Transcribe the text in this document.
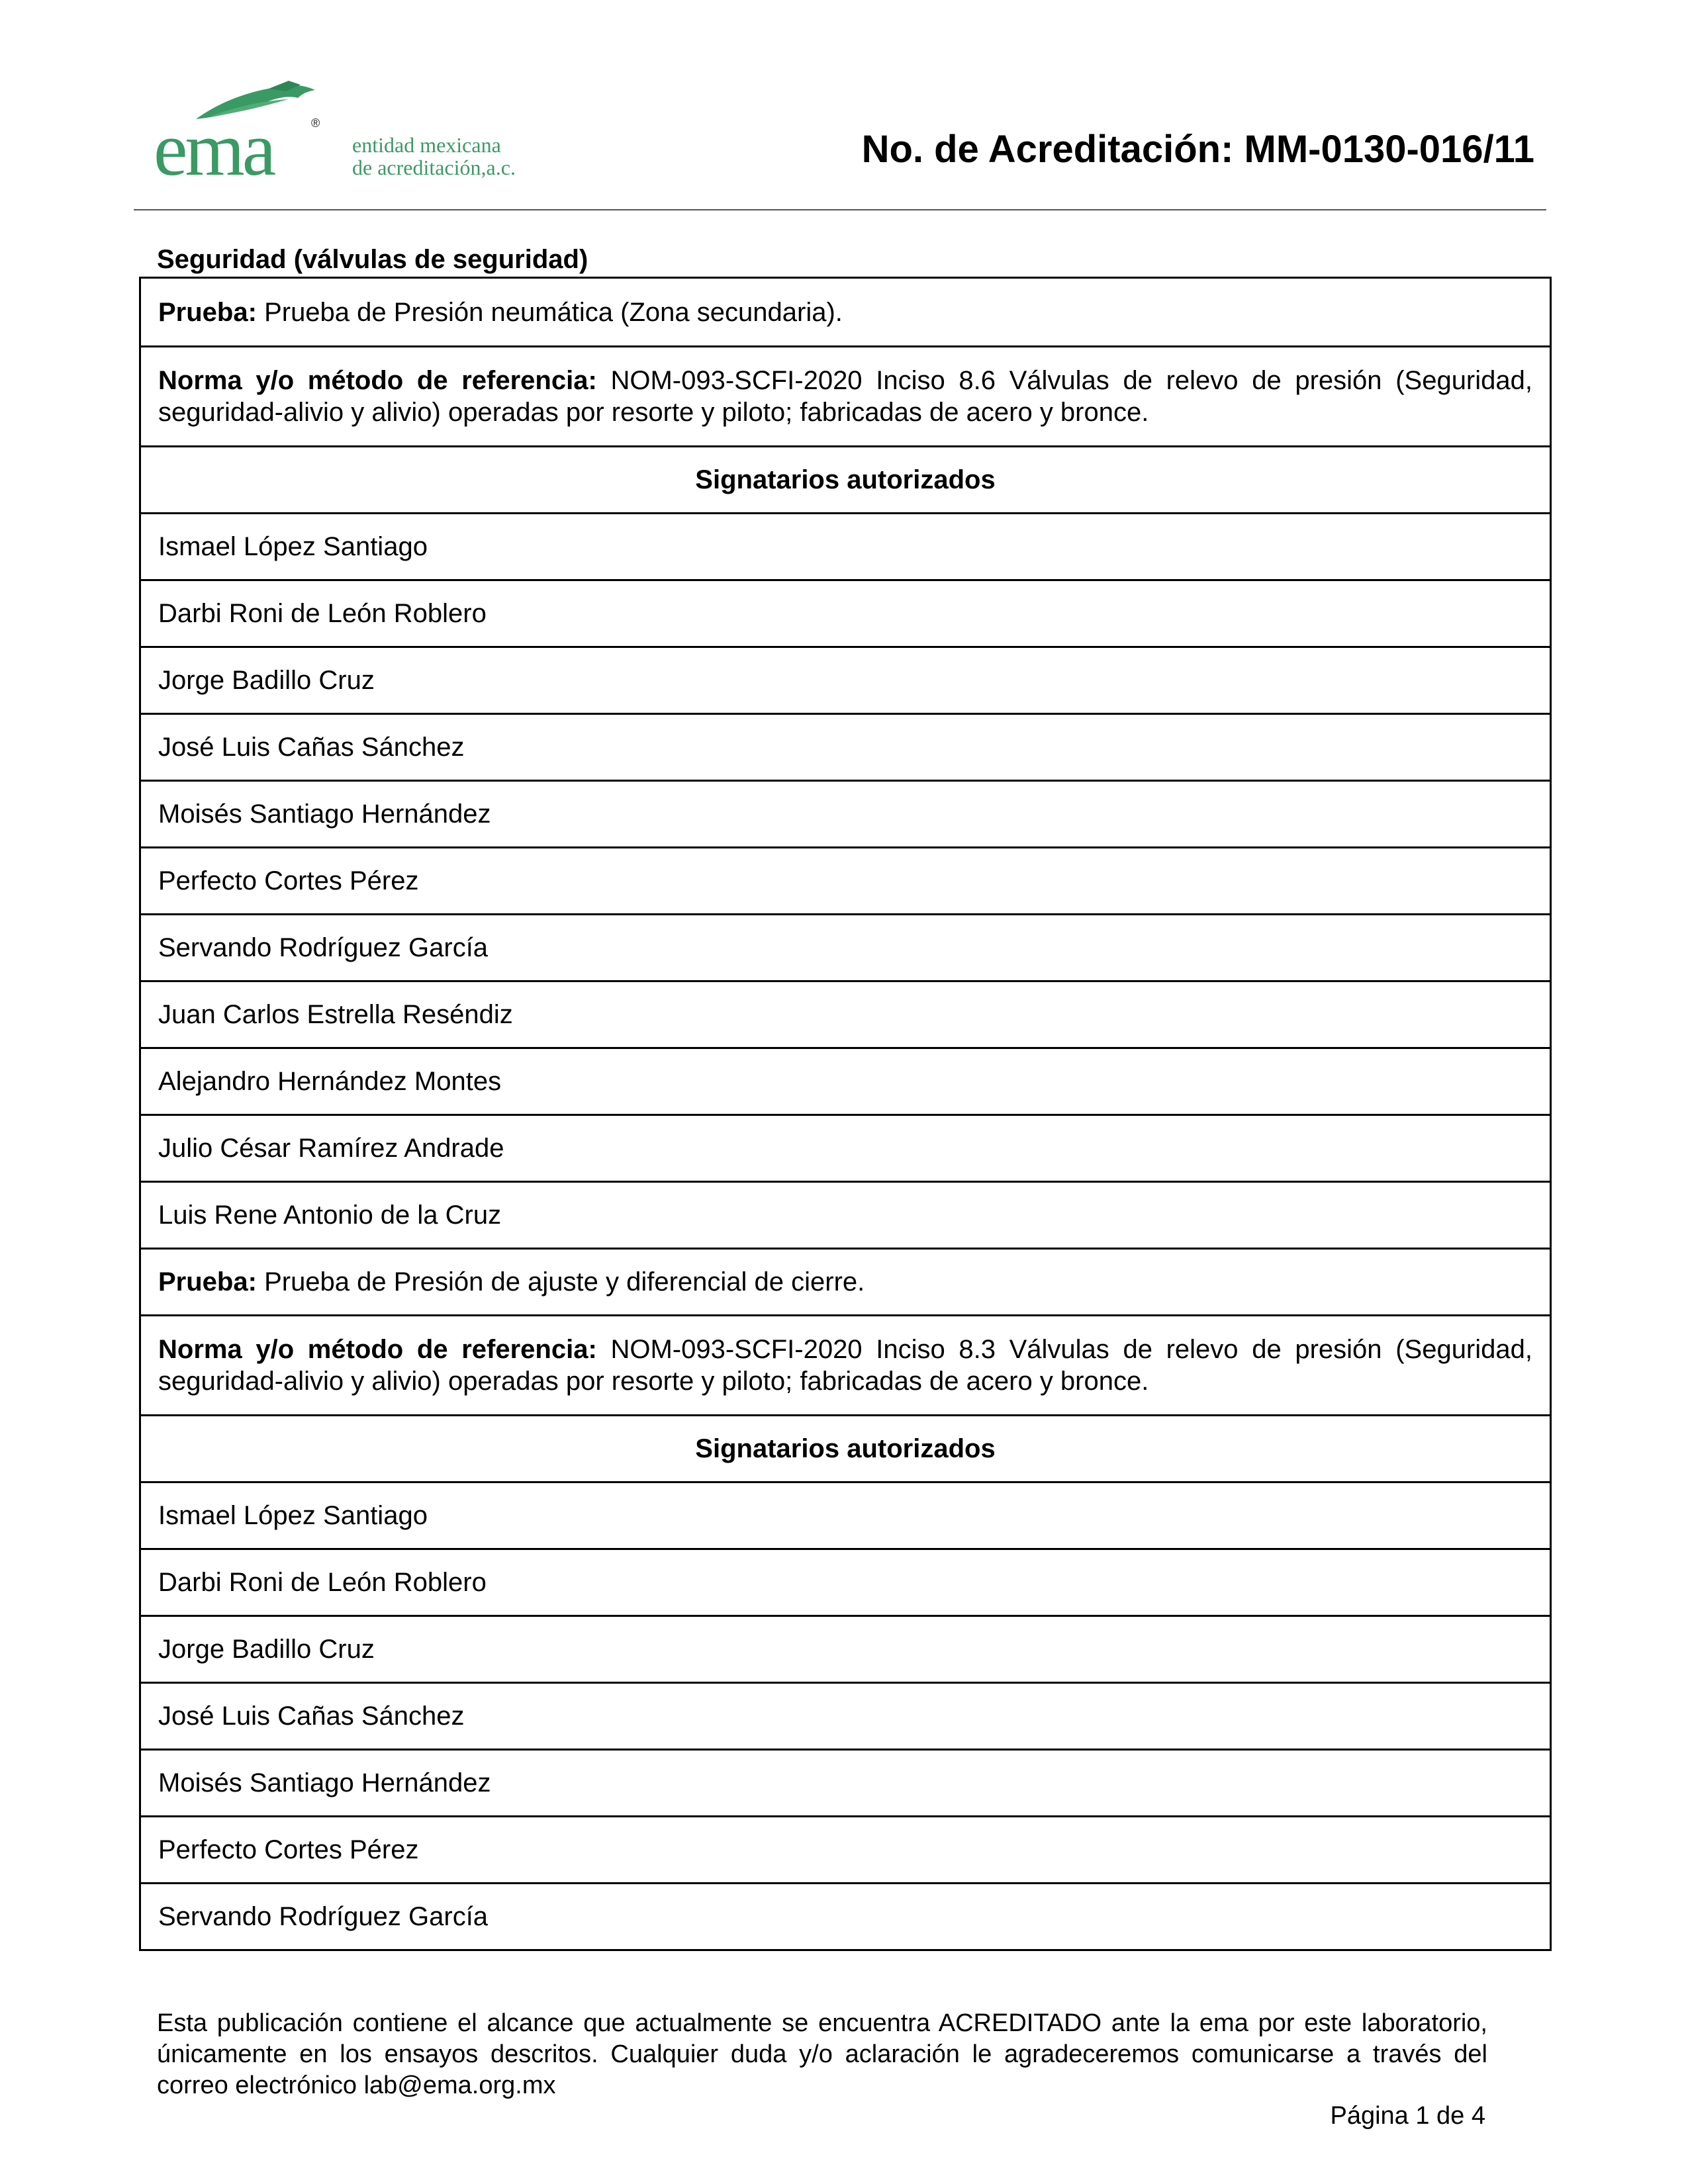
ema	®
entidad mexicana
de acreditación,a.c.	No. de Acreditación: MM-0130-016/11
Seguridad (válvulas de seguridad)
Prueba: Prueba de Presión neumática (Zona secundaria).
Norma y/o método de referencia: NOM-093-SCFI-2020 Inciso 8.6 Válvulas de relevo de presión (Seguridad, seguridad-alivio y alivio) operadas por resorte y piloto; fabricadas de acero y bronce.
Signatarios autorizados
Ismael López Santiago
Darbi Roni de León Roblero
Jorge Badillo Cruz
José Luis Cañas Sánchez
Moisés Santiago Hernández
Perfecto Cortes Pérez
Servando Rodríguez García
Juan Carlos Estrella Reséndiz
Alejandro Hernández Montes
Julio César Ramírez Andrade
Luis Rene Antonio de la Cruz
Prueba: Prueba de Presión de ajuste y diferencial de cierre.
Norma y/o método de referencia: NOM-093-SCFI-2020 Inciso 8.3 Válvulas de relevo de presión (Seguridad, seguridad-alivio y alivio) operadas por resorte y piloto; fabricadas de acero y bronce.
Signatarios autorizados
Ismael López Santiago
Darbi Roni de León Roblero
Jorge Badillo Cruz
José Luis Cañas Sánchez
Moisés Santiago Hernández
Perfecto Cortes Pérez
Servando Rodríguez García
Esta publicación contiene el alcance que actualmente se encuentra ACREDITADO ante la ema por este laboratorio, únicamente en los ensayos descritos. Cualquier duda y/o aclaración le agradeceremos comunicarse a través del correo electrónico lab@ema.org.mx
Página 1 de 4
